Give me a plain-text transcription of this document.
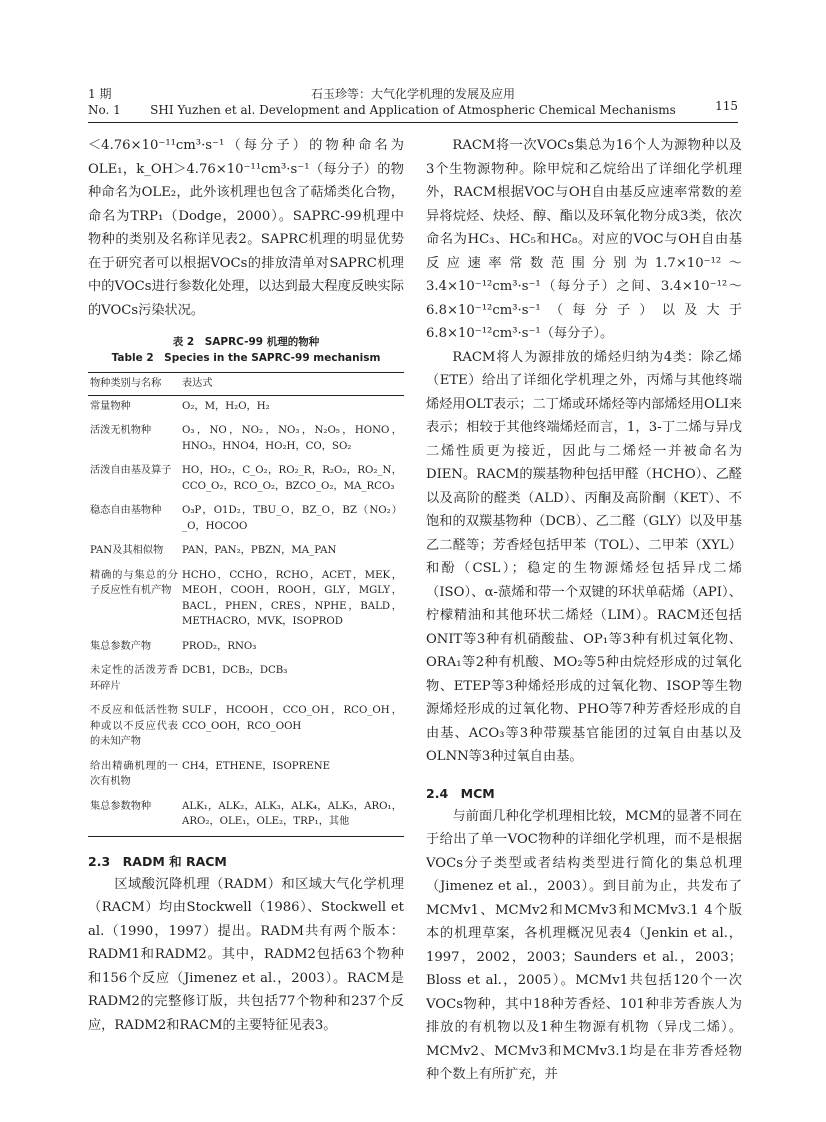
1 期
No. 1
石玉珍等：大气化学机理的发展及应用
SHI Yuzhen et al. Development and Application of Atmospheric Chemical Mechanisms	115

＜4.76×10⁻¹¹cm³·s⁻¹（每分子）的物种命名为OLE₁，k_OH＞4.76×10⁻¹¹cm³·s⁻¹（每分子）的物种命名为OLE₂，此外该机理也包含了萜烯类化合物，命名为TRP₁（Dodge，2000）。SAPRC-99机理中物种的类别及名称详见表2。SAPRC机理的明显优势在于研究者可以根据VOCs的排放清单对SAPRC机理中的VOCs进行参数化处理，以达到最大程度反映实际的VOCs污染状况。

表 2　SAPRC-99 机理的物种
Table 2　Species in the SAPRC-99 mechanism
物种类别与名称	表达式
常量物种	O₂，M，H₂O，H₂
活泼无机物种	O₃，NO，NO₂，NO₃，N₂O₅，HONO，HNO₃，HNO4，HO₂H，CO，SO₂
活泼自由基及算子	HO，HO₂，C_O₂，RO₂_R，R₂O₂，RO₂_N，CCO_O₂，RCO_O₂，BZCO_O₂，MA_RCO₃
稳态自由基物种	O₃P，O1D₂，TBU_O，BZ_O，BZ（NO₂）_O，HOCOO
PAN及其相似物	PAN，PAN₂，PBZN，MA_PAN
精确的与集总的分子反应性有机产物	HCHO，CCHO，RCHO，ACET，MEK，MEOH，COOH，ROOH，GLY，MGLY，BACL，PHEN，CRES，NPHE，BALD，METHACRO，MVK，ISOPROD
集总参数产物	PROD₂，RNO₃
未定性的活泼芳香环碎片	DCB1，DCB₂，DCB₃
不反应和低活性物种或以不反应代表的未知产物	SULF，HCOOH，CCO_OH，RCO_OH，CCO_OOH，RCO_OOH
给出精确机理的一次有机物	CH4，ETHENE，ISOPRENE
集总参数物种	ALK₁，ALK₂，ALK₃，ALK₄，ALK₅，ARO₁，ARO₂，OLE₁，OLE₂，TRP₁，其他
2.3　RADM 和 RACM

区域酸沉降机理（RADM）和区域大气化学机理（RACM）均由Stockwell（1986）、Stockwell et al.（1990，1997）提出。RADM共有两个版本：RADM1和RADM2。其中，RADM2包括63个物种和156个反应（Jimenez et al.，2003）。RACM是RADM2的完整修订版，共包括77个物种和237个反应，RADM2和RACM的主要特征见表3。

RACM将一次VOCs集总为16个人为源物种以及3个生物源物种。除甲烷和乙烷给出了详细化学机理外，RACM根据VOC与OH自由基反应速率常数的差异将烷烃、炔烃、醇、酯以及环氧化物分成3类，依次命名为HC₃、HC₅和HC₈。对应的VOC与OH自由基反应速率常数范围分别为1.7×10⁻¹²～3.4×10⁻¹²cm³·s⁻¹（每分子）之间、3.4×10⁻¹²～6.8×10⁻¹²cm³·s⁻¹（每分子）以及大于6.8×10⁻¹²cm³·s⁻¹（每分子）。

RACM将人为源排放的烯烃归纳为4类：除乙烯（ETE）给出了详细化学机理之外，丙烯与其他终端烯烃用OLT表示；二丁烯或环烯烃等内部烯烃用OLI来表示；相较于其他终端烯烃而言，1，3-丁二烯与异戊二烯性质更为接近，因此与二烯烃一并被命名为DIEN。RACM的羰基物种包括甲醛（HCHO）、乙醛以及高阶的醛类（ALD）、丙酮及高阶酮（KET）、不饱和的双羰基物种（DCB）、乙二醛（GLY）以及甲基乙二醛等；芳香烃包括甲苯（TOL）、二甲苯（XYL）和酚（CSL）；稳定的生物源烯烃包括异戊二烯（ISO）、α-蒎烯和带一个双键的环状单萜烯（API）、柠檬精油和其他环状二烯烃（LIM）。RACM还包括ONIT等3种有机硝酸盐、OP₁等3种有机过氧化物、ORA₁等2种有机酸、MO₂等5种由烷烃形成的过氧化物、ETEP等3种烯烃形成的过氧化物、ISOP等生物源烯烃形成的过氧化物、PHO等7种芳香烃形成的自由基、ACO₃等3种带羰基官能团的过氧自由基以及OLNN等3种过氧自由基。

2.4　MCM

与前面几种化学机理相比较，MCM的显著不同在于给出了单一VOC物种的详细化学机理，而不是根据VOCs分子类型或者结构类型进行简化的集总机理（Jimenez et al.，2003）。到目前为止，共发布了MCMv1、MCMv2和MCMv3和MCMv3.1 4个版本的机理草案，各机理概况见表4（Jenkin et al.，1997，2002，2003；Saunders et al.，2003；Bloss et al.，2005）。MCMv1共包括120个一次VOCs物种，其中18种芳香烃、101种非芳香族人为排放的有机物以及1种生物源有机物（异戊二烯）。MCMv2、MCMv3和MCMv3.1均是在非芳香烃物种个数上有所扩充，并
